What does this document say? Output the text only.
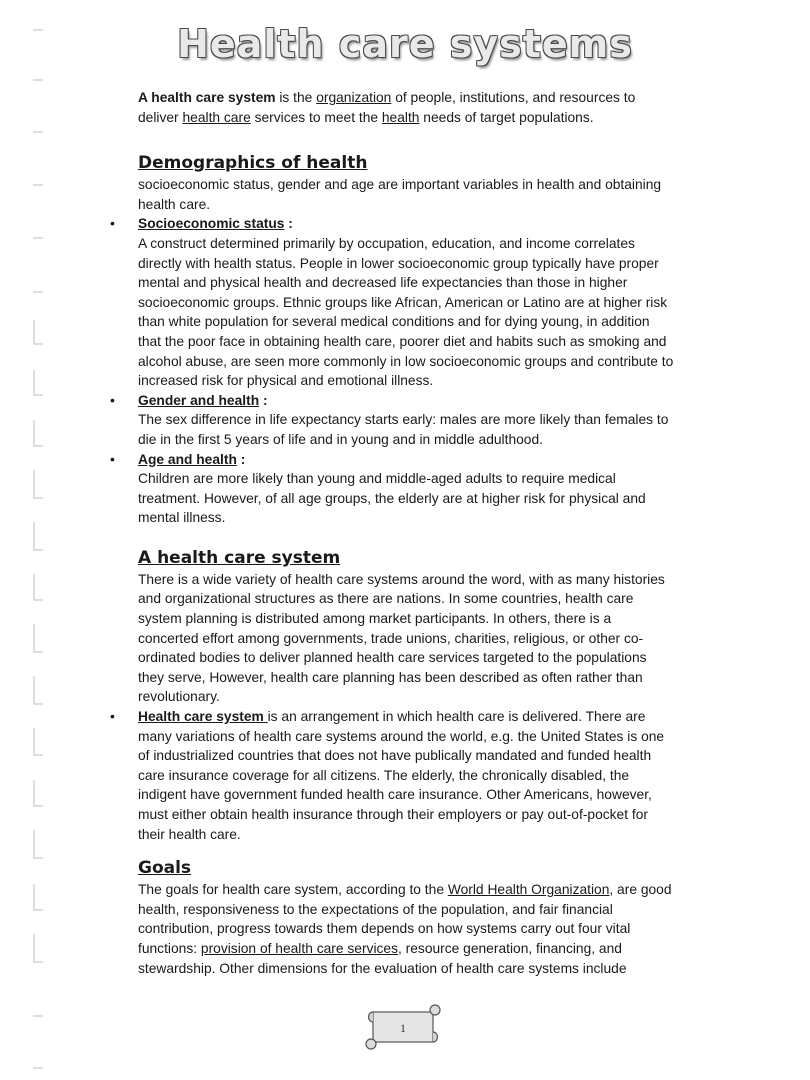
Health care systems

A health care system is the organization of people, institutions, and resources to deliver health care services to meet the health needs of target populations.

Demographics of health

socioeconomic status, gender and age are important variables in health and obtaining health care.

• Socioeconomic status :

A construct determined primarily by occupation, education, and income correlates directly with health status. People in lower socioeconomic group typically have proper mental and physical health and decreased life expectancies than those in higher socioeconomic groups. Ethnic groups like African, American or Latino are at higher risk than white population for several medical conditions and for dying young, in addition that the poor face in obtaining health care, poorer diet and habits such as smoking and alcohol abuse, are seen more commonly in low socioeconomic groups and contribute to increased risk for physical and emotional illness.

• Gender and health :

The sex difference in life expectancy starts early: males are more likely than females to die in the first 5 years of life and in young and in middle adulthood.

• Age and health :

Children are more likely than young and middle-aged adults to require medical treatment. However, of all age groups, the elderly are at higher risk for physical and mental illness.

A health care system

There is a wide variety of health care systems around the word, with as many histories and organizational structures as there are nations. In some countries, health care system planning is distributed among market participants. In others, there is a concerted effort among governments, trade unions, charities, religious, or other co-ordinated bodies to deliver planned health care services targeted to the populations they serve, However, health care planning has been described as often rather than revolutionary.

• Health care system is an arrangement in which health care is delivered. There are many variations of health care systems around the world, e.g. the United States is one of industrialized countries that does not have publically mandated and funded health care insurance coverage for all citizens. The elderly, the chronically disabled, the indigent have government funded health care insurance. Other Americans, however, must either obtain health insurance through their employers or pay out-of-pocket for their health care.

Goals

The goals for health care system, according to the World Health Organization, are good health, responsiveness to the expectations of the population, and fair financial contribution, progress towards them depends on how systems carry out four vital functions: provision of health care services, resource generation, financing, and stewardship. Other dimensions for the evaluation of health care systems include

1
